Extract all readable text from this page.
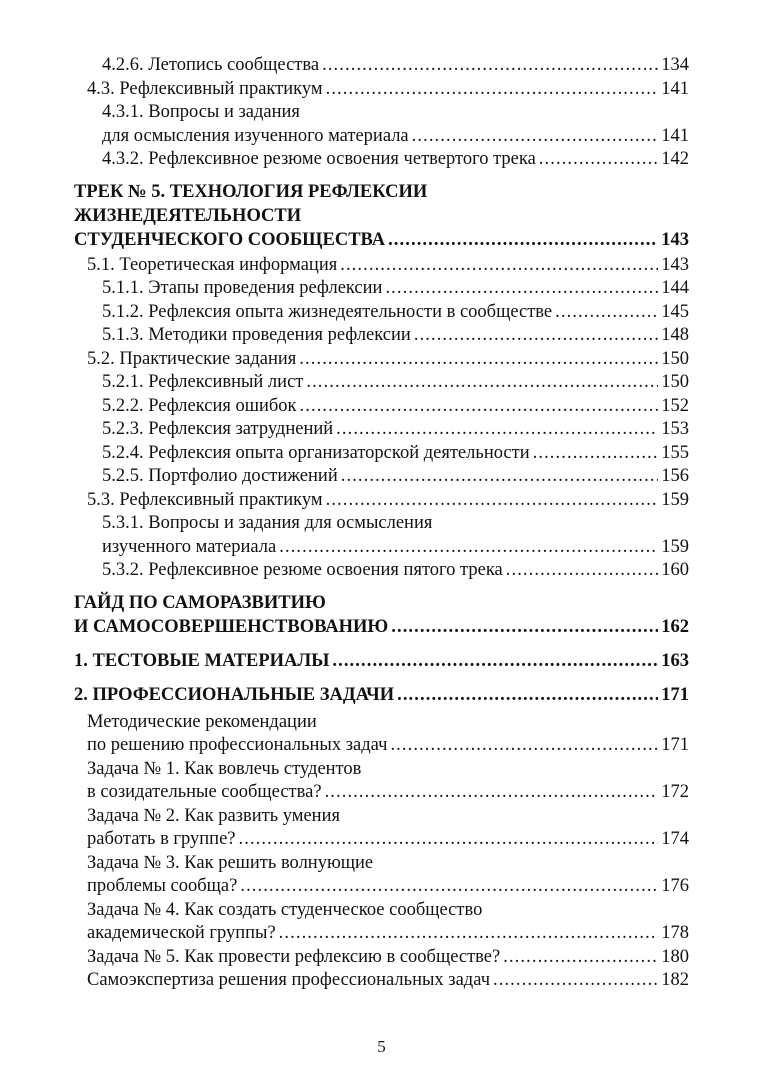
4.2.6. Летопись сообщества .....	134
4.3. Рефлексивный практикум .....	141
4.3.1. Вопросы и задания
для осмысления изученного материала .....	141
4.3.2. Рефлексивное резюме освоения четвертого трека .....	142
ТРЕК № 5. ТЕХНОЛОГИЯ РЕФЛЕКСИИ
ЖИЗНЕДЕЯТЕЛЬНОСТИ
СТУДЕНЧЕСКОГО СООБЩЕСТВА .....	143
5.1. Теоретическая информация .....	143
5.1.1. Этапы проведения рефлексии .....	144
5.1.2. Рефлексия опыта жизнедеятельности в сообществе .....	145
5.1.3. Методики проведения рефлексии .....	148
5.2. Практические задания .....	150
5.2.1. Рефлексивный лист .....	150
5.2.2. Рефлексия ошибок .....	152
5.2.3. Рефлексия затруднений .....	153
5.2.4. Рефлексия опыта организаторской деятельности .....	155
5.2.5. Портфолио достижений .....	156
5.3. Рефлексивный практикум .....	159
5.3.1. Вопросы и задания для осмысления
изученного материала .....	159
5.3.2. Рефлексивное резюме освоения пятого трека .....	160
ГАЙД ПО САМОРАЗВИТИЮ
И САМОСОВЕРШЕНСТВОВАНИЮ .....	162
1. ТЕСТОВЫЕ МАТЕРИАЛЫ .....	163
2. ПРОФЕССИОНАЛЬНЫЕ ЗАДАЧИ .....	171
Методические рекомендации
по решению профессиональных задач .....	171
Задача № 1. Как вовлечь студентов
в созидательные сообщества? .....	172
Задача № 2. Как развить умения
работать в группе? .....	174
Задача № 3. Как решить волнующие
проблемы сообща? .....	176
Задача № 4. Как создать студенческое сообщество
академической группы? .....	178
Задача № 5. Как провести рефлексию в сообществе? .....	180
Самоэкспертиза решения профессиональных задач .....	182
5
